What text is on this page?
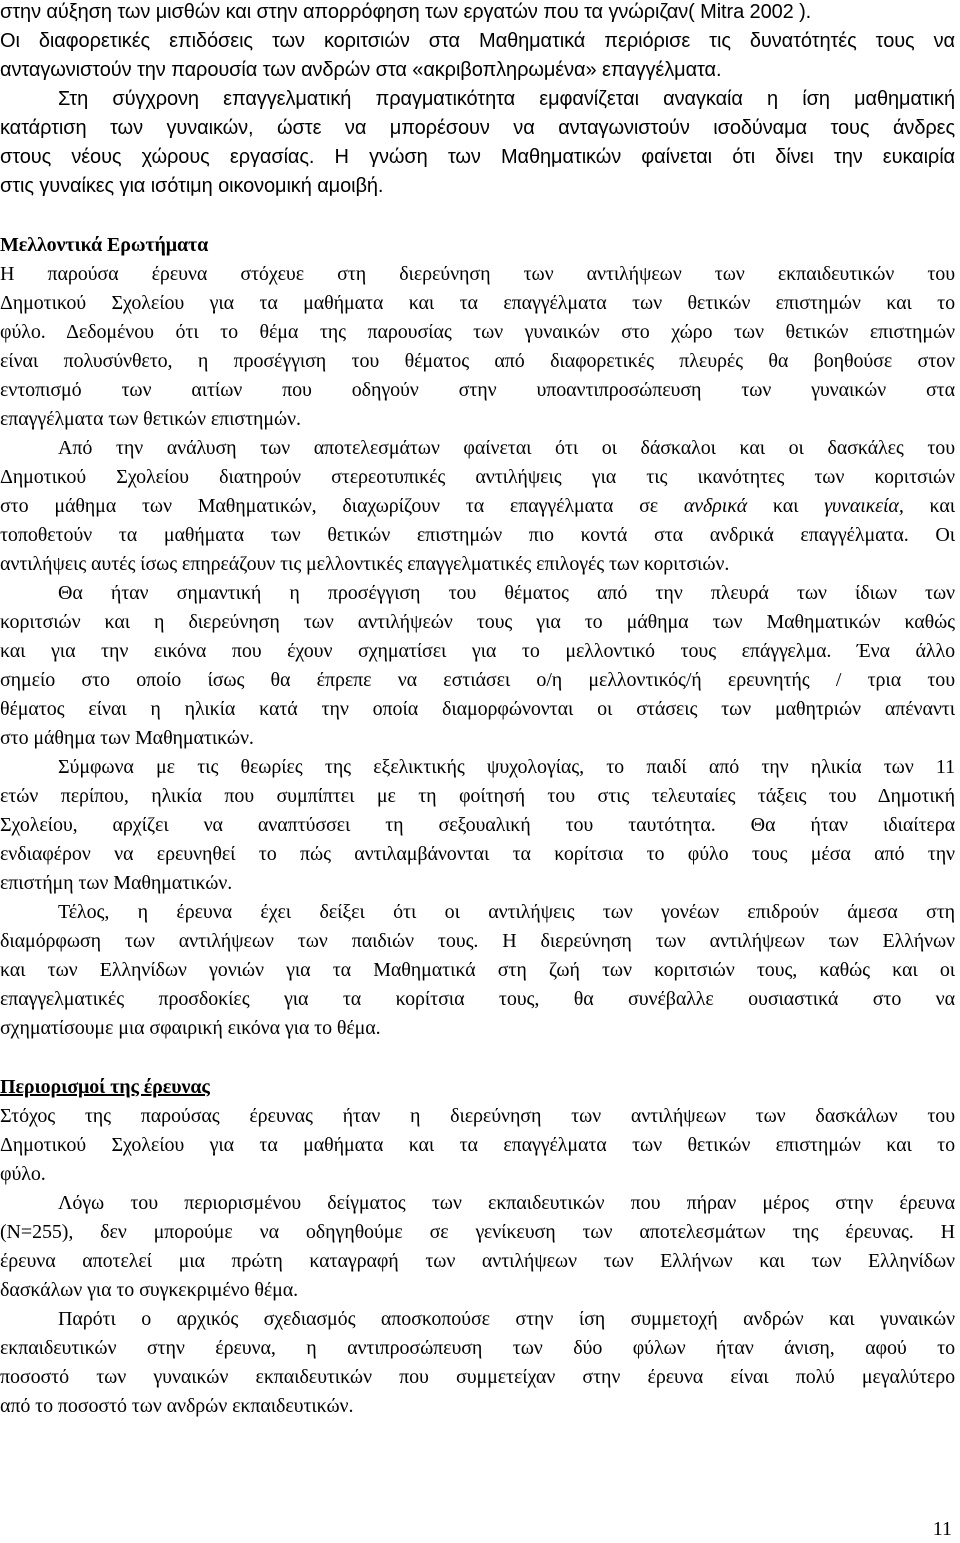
στην αύξηση των μισθών και στην απορρόφηση των εργατών που τα γνώριζαν( Mitra 2002 ).
Οι διαφορετικές επιδόσεις των κοριτσιών στα Μαθηματικά περιόρισε τις δυνατότητές τους να
ανταγωνιστούν την παρουσία των ανδρών στα «ακριβοπληρωμένα» επαγγέλματα.
Στη σύγχρονη επαγγελματική πραγματικότητα εμφανίζεται αναγκαία η ίση μαθηματική
κατάρτιση των γυναικών, ώστε να μπορέσουν να ανταγωνιστούν ισοδύναμα τους άνδρες
στους νέους χώρους εργασίας. Η γνώση των Μαθηματικών φαίνεται ότι δίνει την ευκαιρία
στις γυναίκες για ισότιμη οικονομική αμοιβή.
Μελλοντικά Ερωτήματα
Η παρούσα έρευνα στόχευε στη διερεύνηση των αντιλήψεων των εκπαιδευτικών του
Δημοτικού Σχολείου για τα μαθήματα και τα επαγγέλματα των θετικών επιστημών και το
φύλο. Δεδομένου ότι το θέμα της παρουσίας των γυναικών στο χώρο των θετικών επιστημών
είναι πολυσύνθετο, η προσέγγιση του θέματος από διαφορετικές πλευρές θα βοηθούσε στον
εντοπισμό των αιτίων που οδηγούν στην υποαντιπροσώπευση των γυναικών στα
επαγγέλματα των θετικών επιστημών.
Από την ανάλυση των αποτελεσμάτων φαίνεται ότι οι δάσκαλοι και οι δασκάλες του
Δημοτικού Σχολείου διατηρούν στερεοτυπικές αντιλήψεις για τις ικανότητες των κοριτσιών
στο μάθημα των Μαθηματικών, διαχωρίζουν τα επαγγέλματα σε ανδρικά και γυναικεία, και
τοποθετούν τα μαθήματα των θετικών επιστημών πιο κοντά στα ανδρικά επαγγέλματα. Οι
αντιλήψεις αυτές ίσως επηρεάζουν τις μελλοντικές επαγγελματικές επιλογές των κοριτσιών.
Θα ήταν σημαντική η προσέγγιση του θέματος από την πλευρά των ίδιων των
κοριτσιών και η διερεύνηση των αντιλήψεών τους για το μάθημα των Μαθηματικών καθώς
και για την εικόνα που έχουν σχηματίσει για το μελλοντικό τους επάγγελμα. Ένα άλλο
σημείο στο οποίο ίσως θα έπρεπε να εστιάσει ο/η μελλοντικός/ή ερευνητής / τρια του
θέματος είναι η ηλικία κατά την οποία διαμορφώνονται οι στάσεις των μαθητριών απέναντι
στο μάθημα των Μαθηματικών.
Σύμφωνα με τις θεωρίες της εξελικτικής ψυχολογίας, το παιδί από την ηλικία των 11
ετών περίπου, ηλικία που συμπίπτει με τη φοίτησή του στις τελευταίες τάξεις του Δημοτική
Σχολείου, αρχίζει να αναπτύσσει τη σεξουαλική του ταυτότητα. Θα ήταν ιδιαίτερα
ενδιαφέρον να ερευνηθεί το πώς αντιλαμβάνονται τα κορίτσια το φύλο τους μέσα από την
επιστήμη των Μαθηματικών.
Τέλος, η έρευνα έχει δείξει ότι οι αντιλήψεις των γονέων επιδρούν άμεσα στη
διαμόρφωση των αντιλήψεων των παιδιών τους. Η διερεύνηση των αντιλήψεων των Ελλήνων
και των Ελληνίδων γονιών για τα Μαθηματικά στη ζωή των κοριτσιών τους, καθώς και οι
επαγγελματικές προσδοκίες για τα κορίτσια τους, θα συνέβαλλε ουσιαστικά στο να
σχηματίσουμε μια σφαιρική εικόνα για το θέμα.
Περιορισμοί της έρευνας
Στόχος της παρούσας έρευνας ήταν η διερεύνηση των αντιλήψεων των δασκάλων του
Δημοτικού Σχολείου για τα μαθήματα και τα επαγγέλματα των θετικών επιστημών και το
φύλο.
Λόγω του περιορισμένου δείγματος των εκπαιδευτικών που πήραν μέρος στην έρευνα
(N=255), δεν μπορούμε να οδηγηθούμε σε γενίκευση των αποτελεσμάτων της έρευνας. Η
έρευνα αποτελεί μια πρώτη καταγραφή των αντιλήψεων των Ελλήνων και των Ελληνίδων
δασκάλων για το συγκεκριμένο θέμα.
Παρότι ο αρχικός σχεδιασμός αποσκοπούσε στην ίση συμμετοχή ανδρών και γυναικών
εκπαιδευτικών στην έρευνα, η αντιπροσώπευση των δύο φύλων ήταν άνιση, αφού το
ποσοστό των γυναικών εκπαιδευτικών που συμμετείχαν στην έρευνα είναι πολύ μεγαλύτερο
από το ποσοστό των ανδρών εκπαιδευτικών.
11
